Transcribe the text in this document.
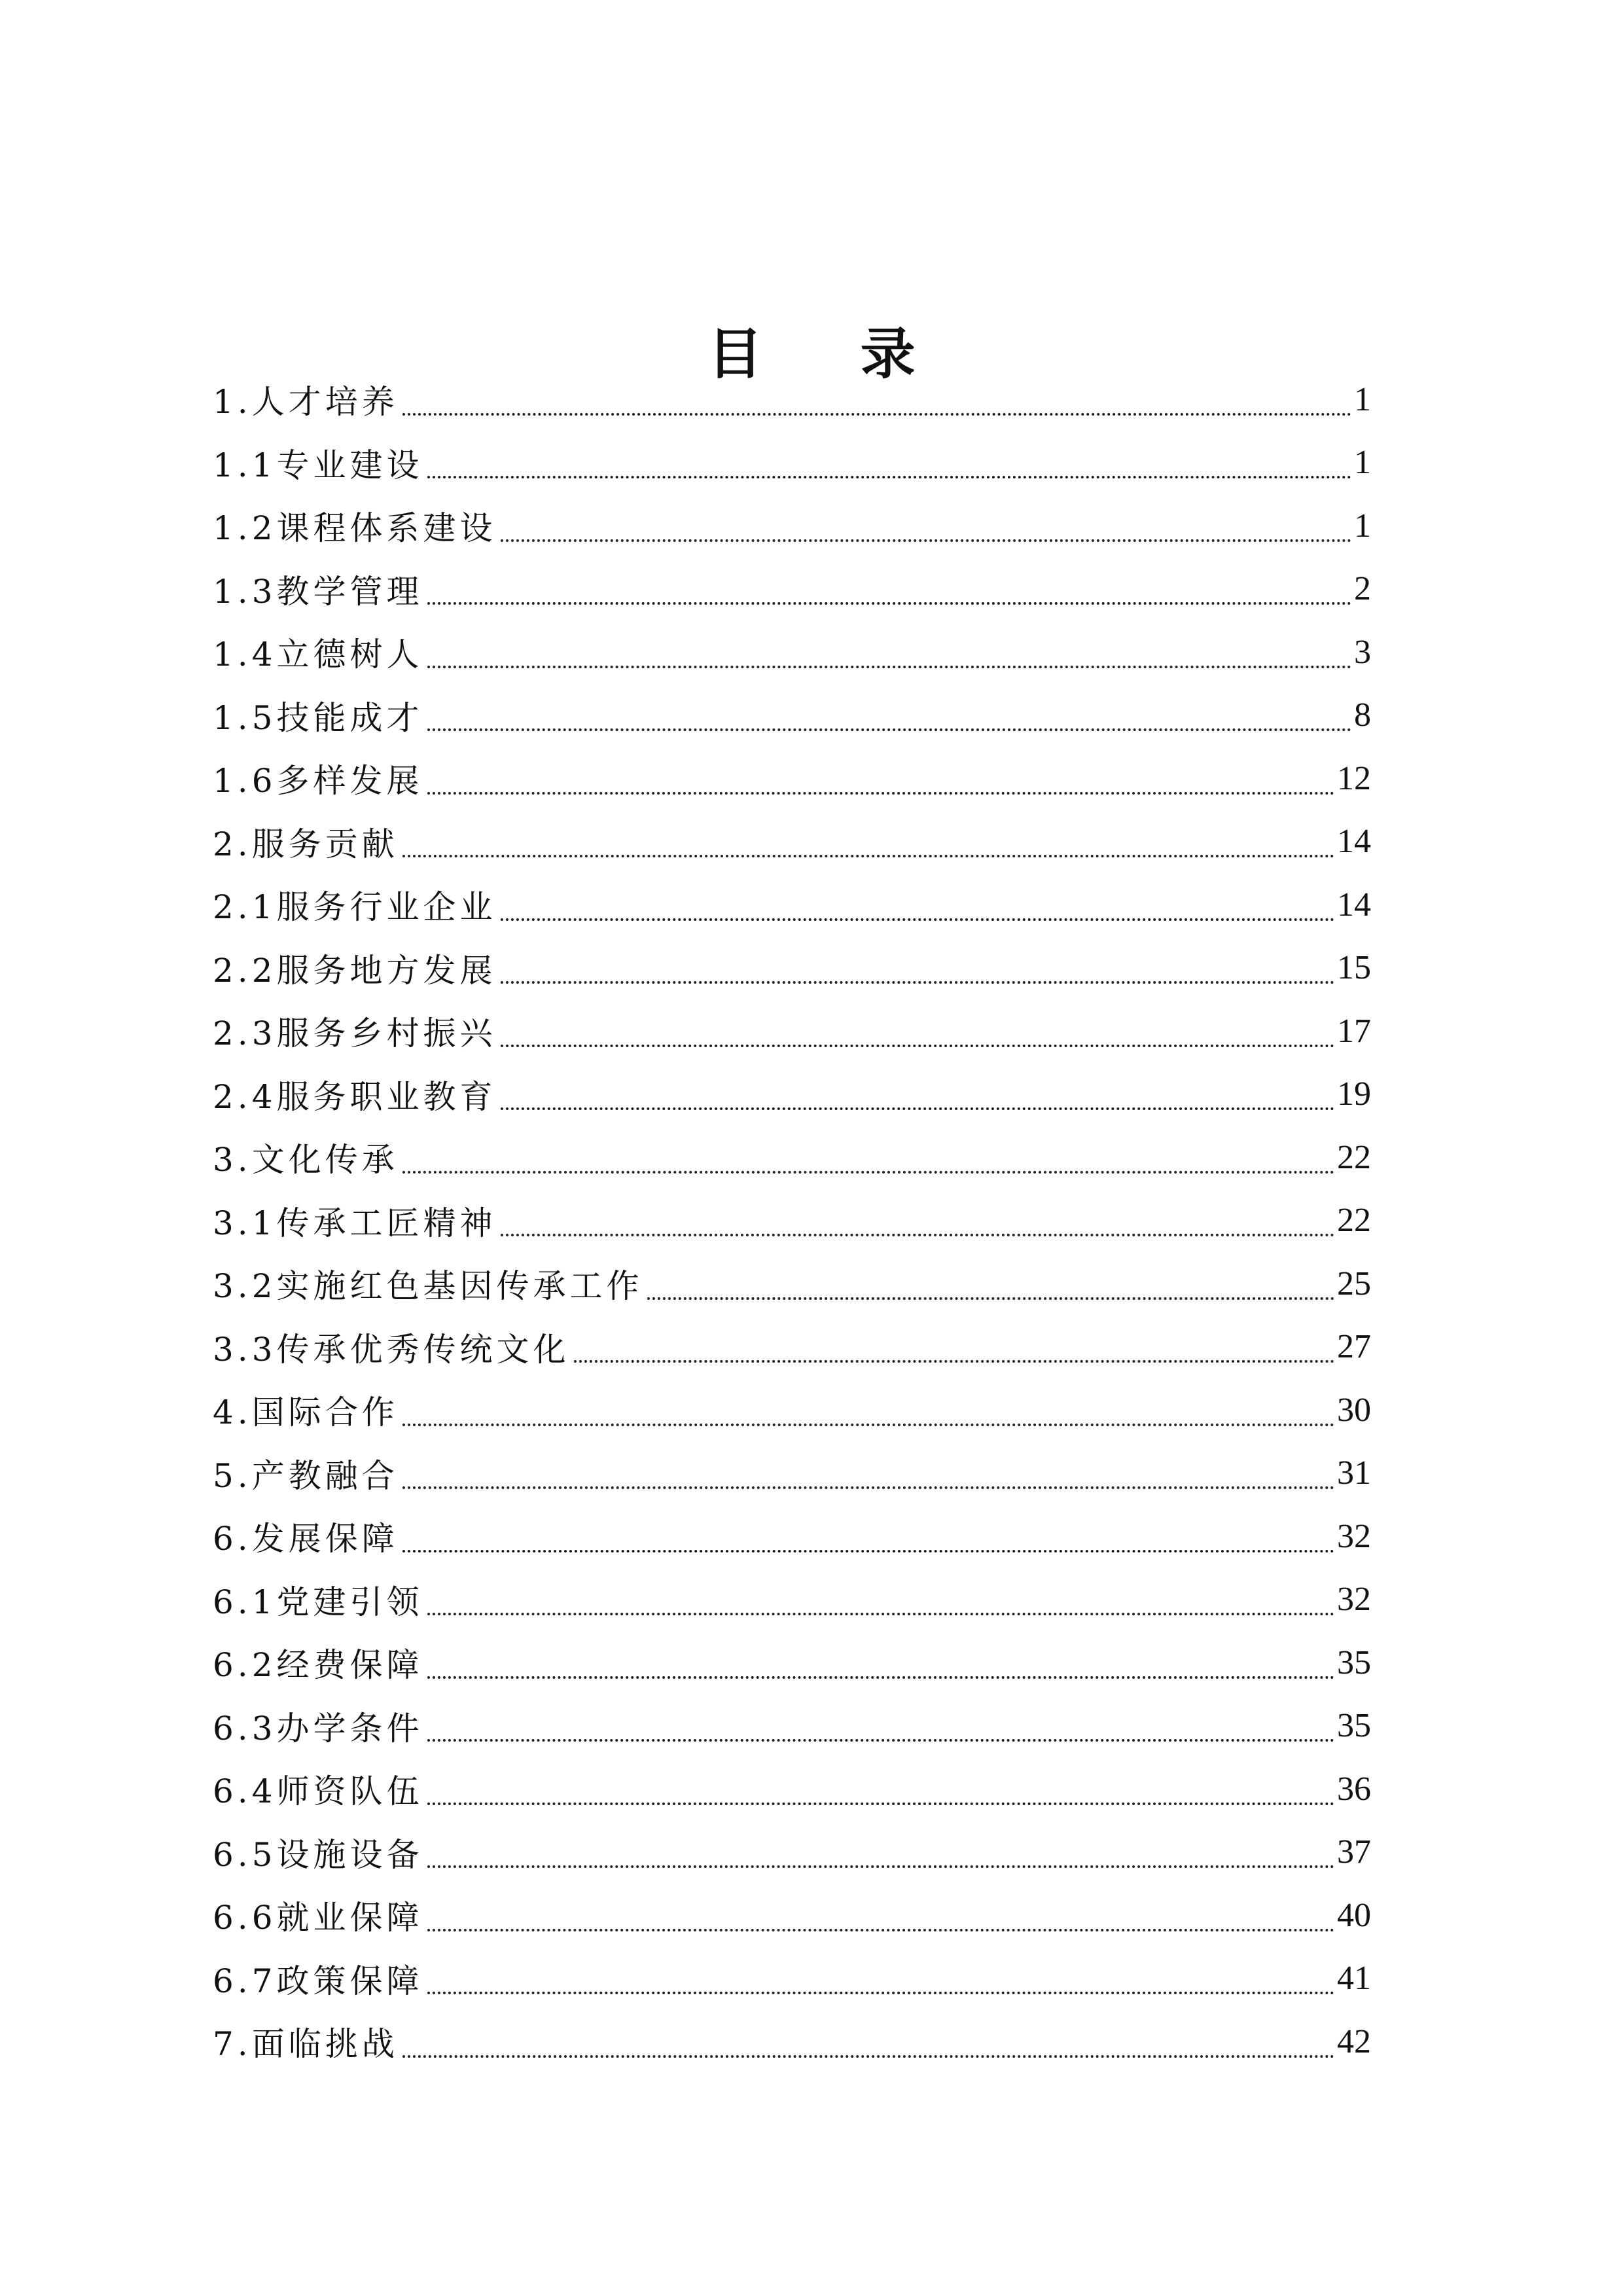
目 录
1.人才培养	1
1.1专业建设	1
1.2课程体系建设	1
1.3教学管理	2
1.4立德树人	3
1.5技能成才	8
1.6多样发展	12
2.服务贡献	14
2.1服务行业企业	14
2.2服务地方发展	15
2.3服务乡村振兴	17
2.4服务职业教育	19
3.文化传承	22
3.1传承工匠精神	22
3.2实施红色基因传承工作	25
3.3传承优秀传统文化	27
4.国际合作	30
5.产教融合	31
6.发展保障	32
6.1党建引领	32
6.2经费保障	35
6.3办学条件	35
6.4师资队伍	36
6.5设施设备	37
6.6就业保障	40
6.7政策保障	41
7.面临挑战	42
